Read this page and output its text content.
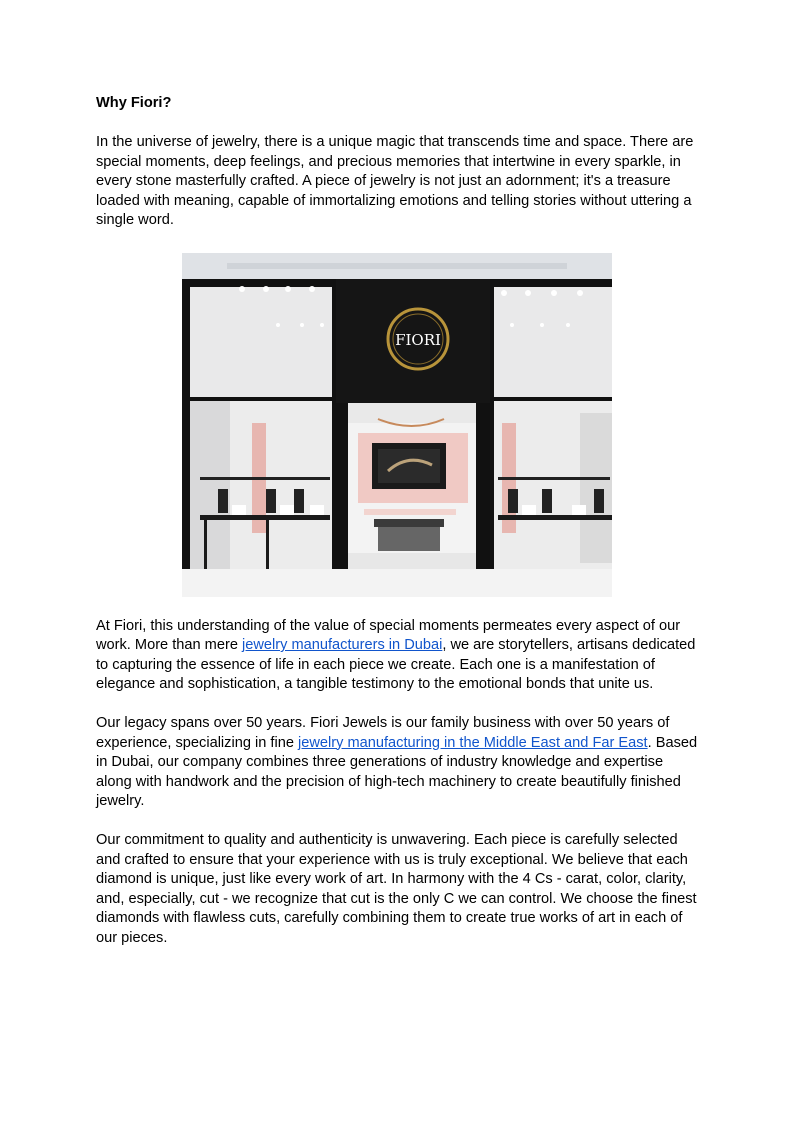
Why Fiori?

In the universe of jewelry, there is a unique magic that transcends time and space. There are special moments, deep feelings, and precious memories that intertwine in every sparkle, in every stone masterfully crafted. A piece of jewelry is not just an adornment; it's a treasure loaded with meaning, capable of immortalizing emotions and telling stories without uttering a single word.

FIORI

At Fiori, this understanding of the value of special moments permeates every aspect of our work. More than mere jewelry manufacturers in Dubai, we are storytellers, artisans dedicated to capturing the essence of life in each piece we create. Each one is a manifestation of elegance and sophistication, a tangible testimony to the emotional bonds that unite us.

Our legacy spans over 50 years. Fiori Jewels is our family business with over 50 years of experience, specializing in fine jewelry manufacturing in the Middle East and Far East. Based in Dubai, our company combines three generations of industry knowledge and expertise along with handwork and the precision of high-tech machinery to create beautifully finished jewelry.

Our commitment to quality and authenticity is unwavering. Each piece is carefully selected and crafted to ensure that your experience with us is truly exceptional. We believe that each diamond is unique, just like every work of art. In harmony with the 4 Cs - carat, color, clarity, and, especially, cut - we recognize that cut is the only C we can control. We choose the finest diamonds with flawless cuts, carefully combining them to create true works of art in each of our pieces.
